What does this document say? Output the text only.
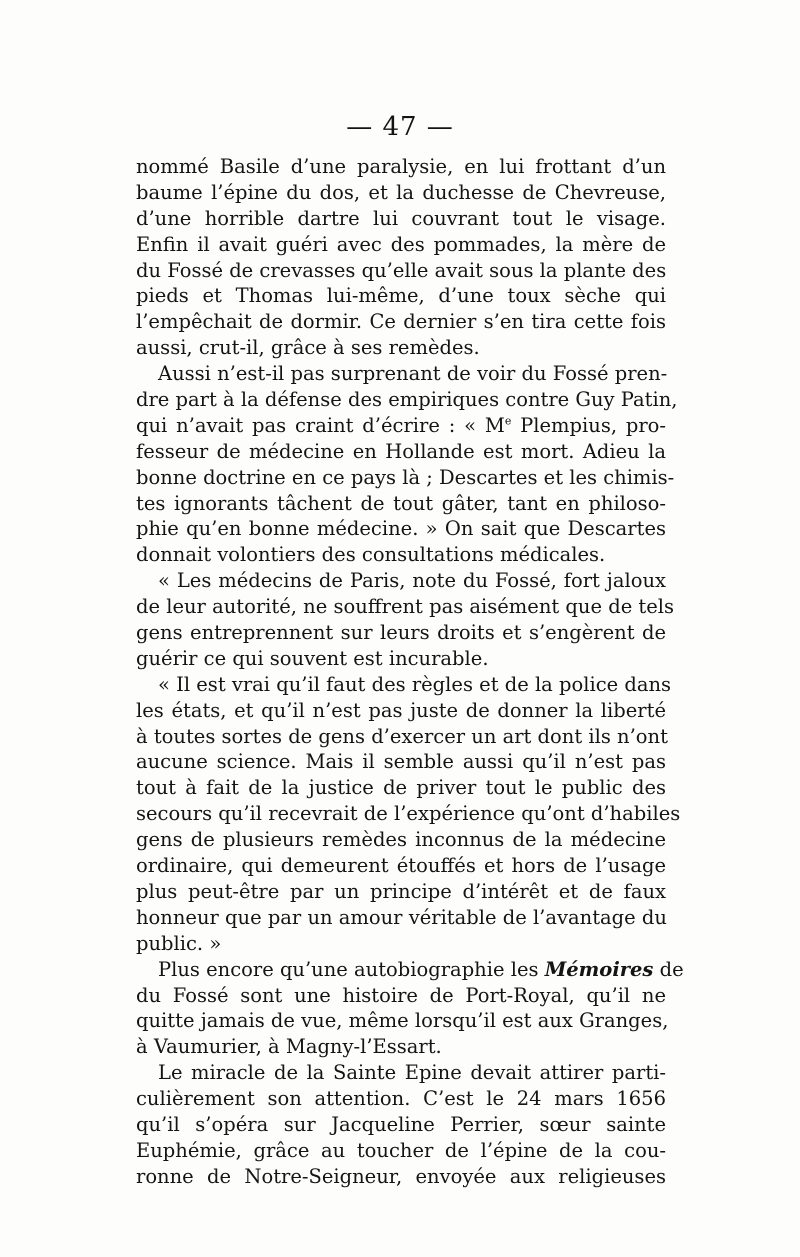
— 47 —
nommé Basile d’une paralysie, en lui frottant d’un
baume l’épine du dos, et la duchesse de Chevreuse,
d’une horrible dartre lui couvrant tout le visage.
Enfin il avait guéri avec des pommades, la mère de
du Fossé de crevasses qu’elle avait sous la plante des
pieds et Thomas lui-même, d’une toux sèche qui
l’empêchait de dormir. Ce dernier s’en tira cette fois
aussi, crut-il, grâce à ses remèdes.
Aussi n’est-il pas surprenant de voir du Fossé pren-
dre part à la défense des empiriques contre Guy Patin,
qui n’avait pas craint d’écrire : « Me Plempius, pro-
fesseur de médecine en Hollande est mort. Adieu la
bonne doctrine en ce pays là ; Descartes et les chimis-
tes ignorants tâchent de tout gâter, tant en philoso-
phie qu’en bonne médecine. » On sait que Descartes
donnait volontiers des consultations médicales.
« Les médecins de Paris, note du Fossé, fort jaloux
de leur autorité, ne souffrent pas aisément que de tels
gens entreprennent sur leurs droits et s’engèrent de
guérir ce qui souvent est incurable.
« Il est vrai qu’il faut des règles et de la police dans
les états, et qu’il n’est pas juste de donner la liberté
à toutes sortes de gens d’exercer un art dont ils n’ont
aucune science. Mais il semble aussi qu’il n’est pas
tout à fait de la justice de priver tout le public des
secours qu’il recevrait de l’expérience qu’ont d’habiles
gens de plusieurs remèdes inconnus de la médecine
ordinaire, qui demeurent étouffés et hors de l’usage
plus peut-être par un principe d’intérêt et de faux
honneur que par un amour véritable de l’avantage du
public. »
Plus encore qu’une autobiographie les Mémoires de
du Fossé sont une histoire de Port-Royal, qu’il ne
quitte jamais de vue, même lorsqu’il est aux Granges,
à Vaumurier, à Magny-l’Essart.
Le miracle de la Sainte Epine devait attirer parti-
culièrement son attention. C’est le 24 mars 1656
qu’il s’opéra sur Jacqueline Perrier, sœur sainte
Euphémie, grâce au toucher de l’épine de la cou-
ronne de Notre-Seigneur, envoyée aux religieuses
